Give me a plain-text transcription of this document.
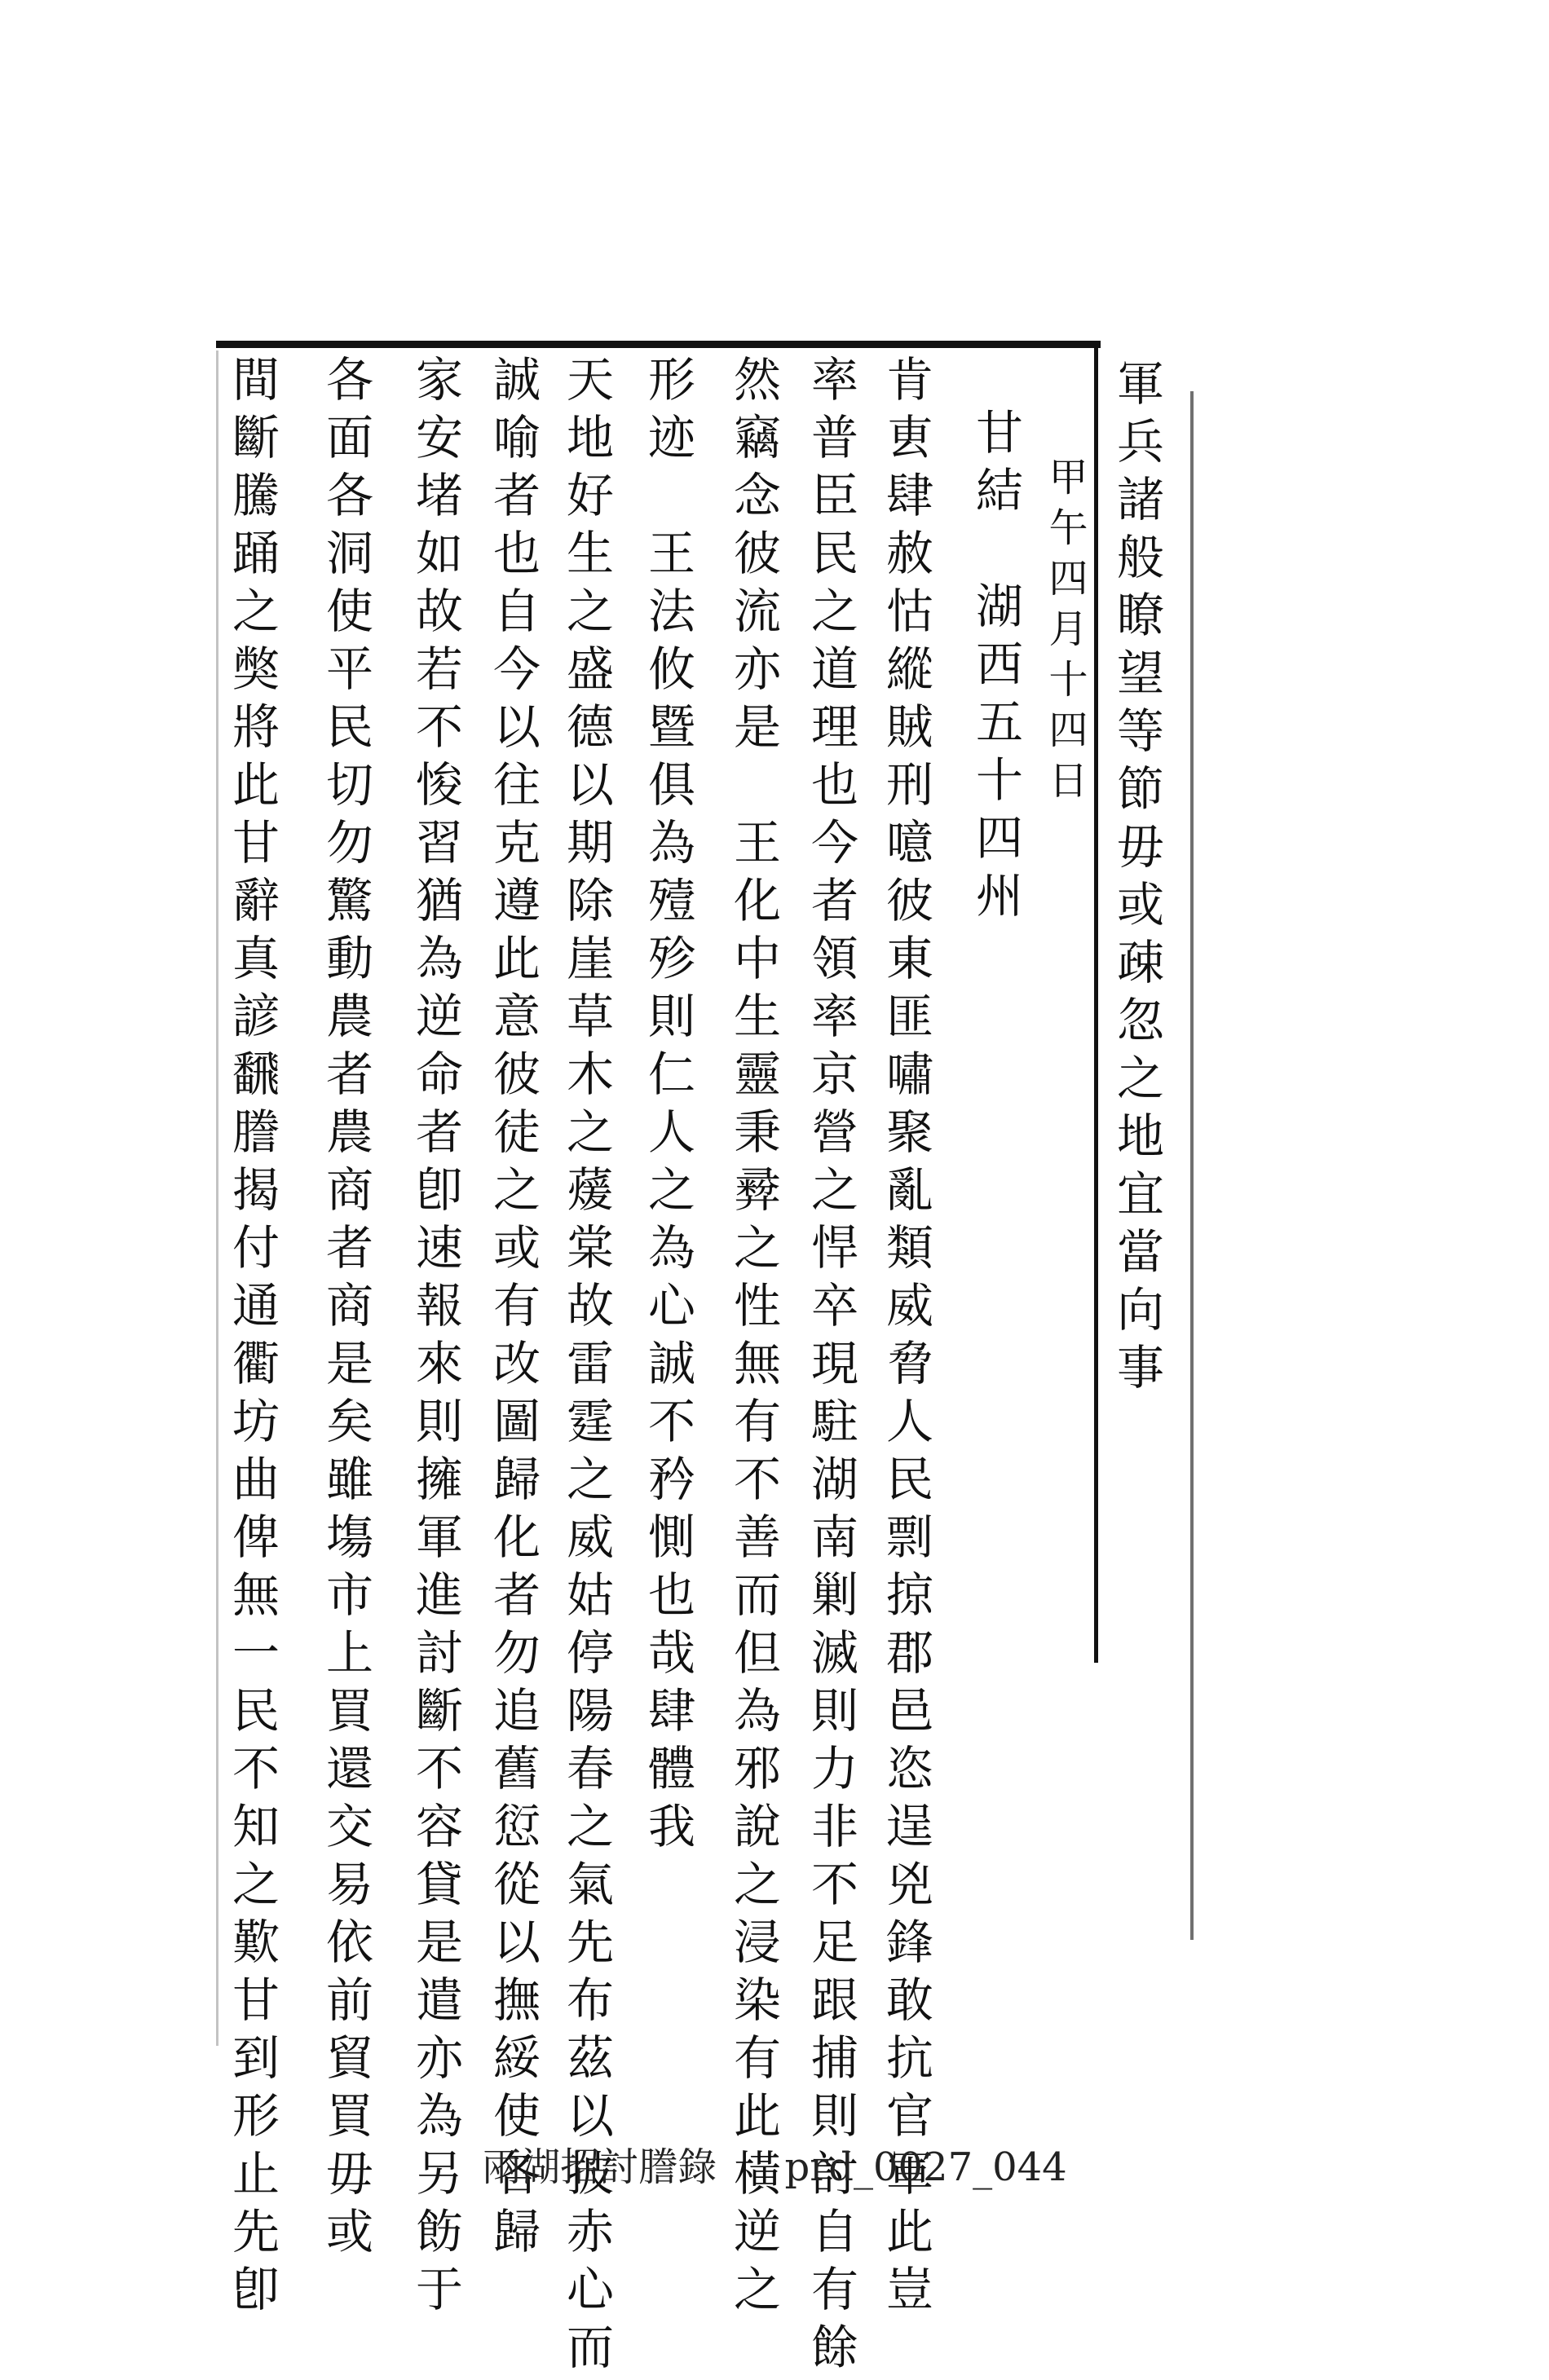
軍兵諸般瞭望等節毋或疎忽之地宜當向事
甲午四月十四日
甘結　湖西五十四州
肯叀肆赦怙縱賊刑噫彼東匪嘯聚亂類威脅人民剽掠郡邑恣逞兇鋒敢抗官軍此豈
率普臣民之道理也今者領率京營之悍卒現駐湖南剿滅則力非不足跟捕則討自有餘
然竊念彼流亦是　王化中生靈秉彛之性無有不善而但為邪說之浸染有此橫逆之
形迹　王法攸暨俱為殪殄則仁人之為心誠不矜惻也哉肆體我
天地好生之盛德以期除崖草木之蕿棠故雷霆之威姑停陽春之氣先布茲以披赤心而
誠喻者也自今以往克遵此意彼徒之或有改圖歸化者勿追舊愆從以撫綏使各歸
家安堵如故若不悛習猶為逆命者卽速報來則擁軍進討斷不容貸是遣亦為另飭于
各面各洞使平民切勿驚動農者農商者商是矣雖塲市上買還交易依前貿買毋或
間斷騰踊之獘將此甘辭真諺飜謄揭付通衢坊曲俾無一民不知之歎甘到形止先卽	兩湖招討謄錄 prd_0027_044
